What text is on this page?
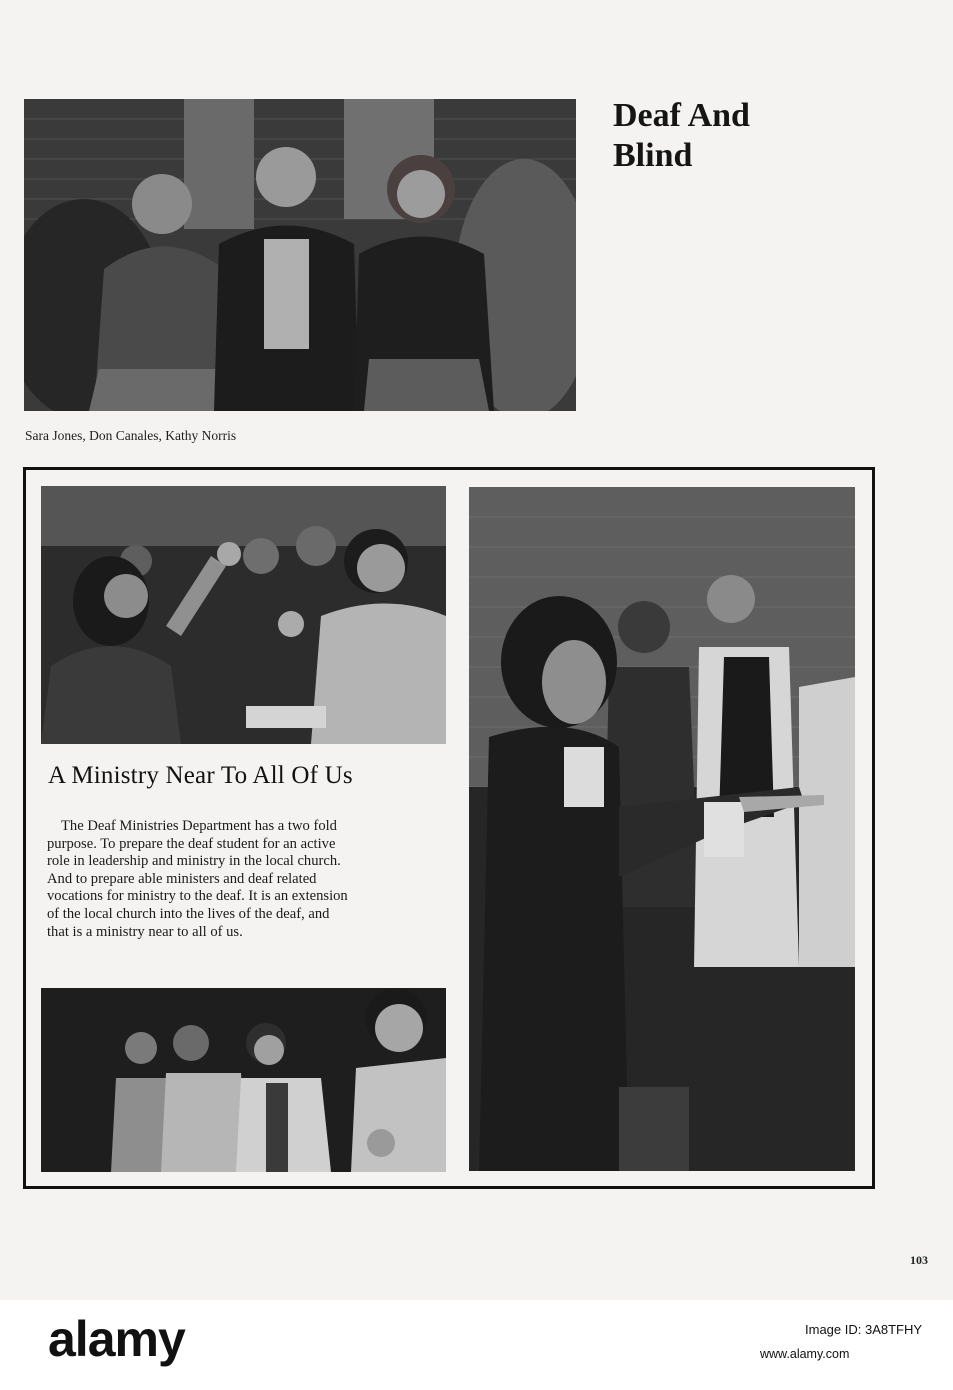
Deaf And
Blind
Sara Jones, Don Canales, Kathy Norris
A Ministry Near To All Of Us
The Deaf Ministries Department has a two fold
purpose. To prepare the deaf student for an active
role in leadership and ministry in the local church.
And to prepare able ministers and deaf related
vocations for ministry to the deaf. It is an extension
of the local church into the lives of the deaf, and
that is a ministry near to all of us.
103
alamy	Image ID: 3A8TFHY
www.alamy.com
